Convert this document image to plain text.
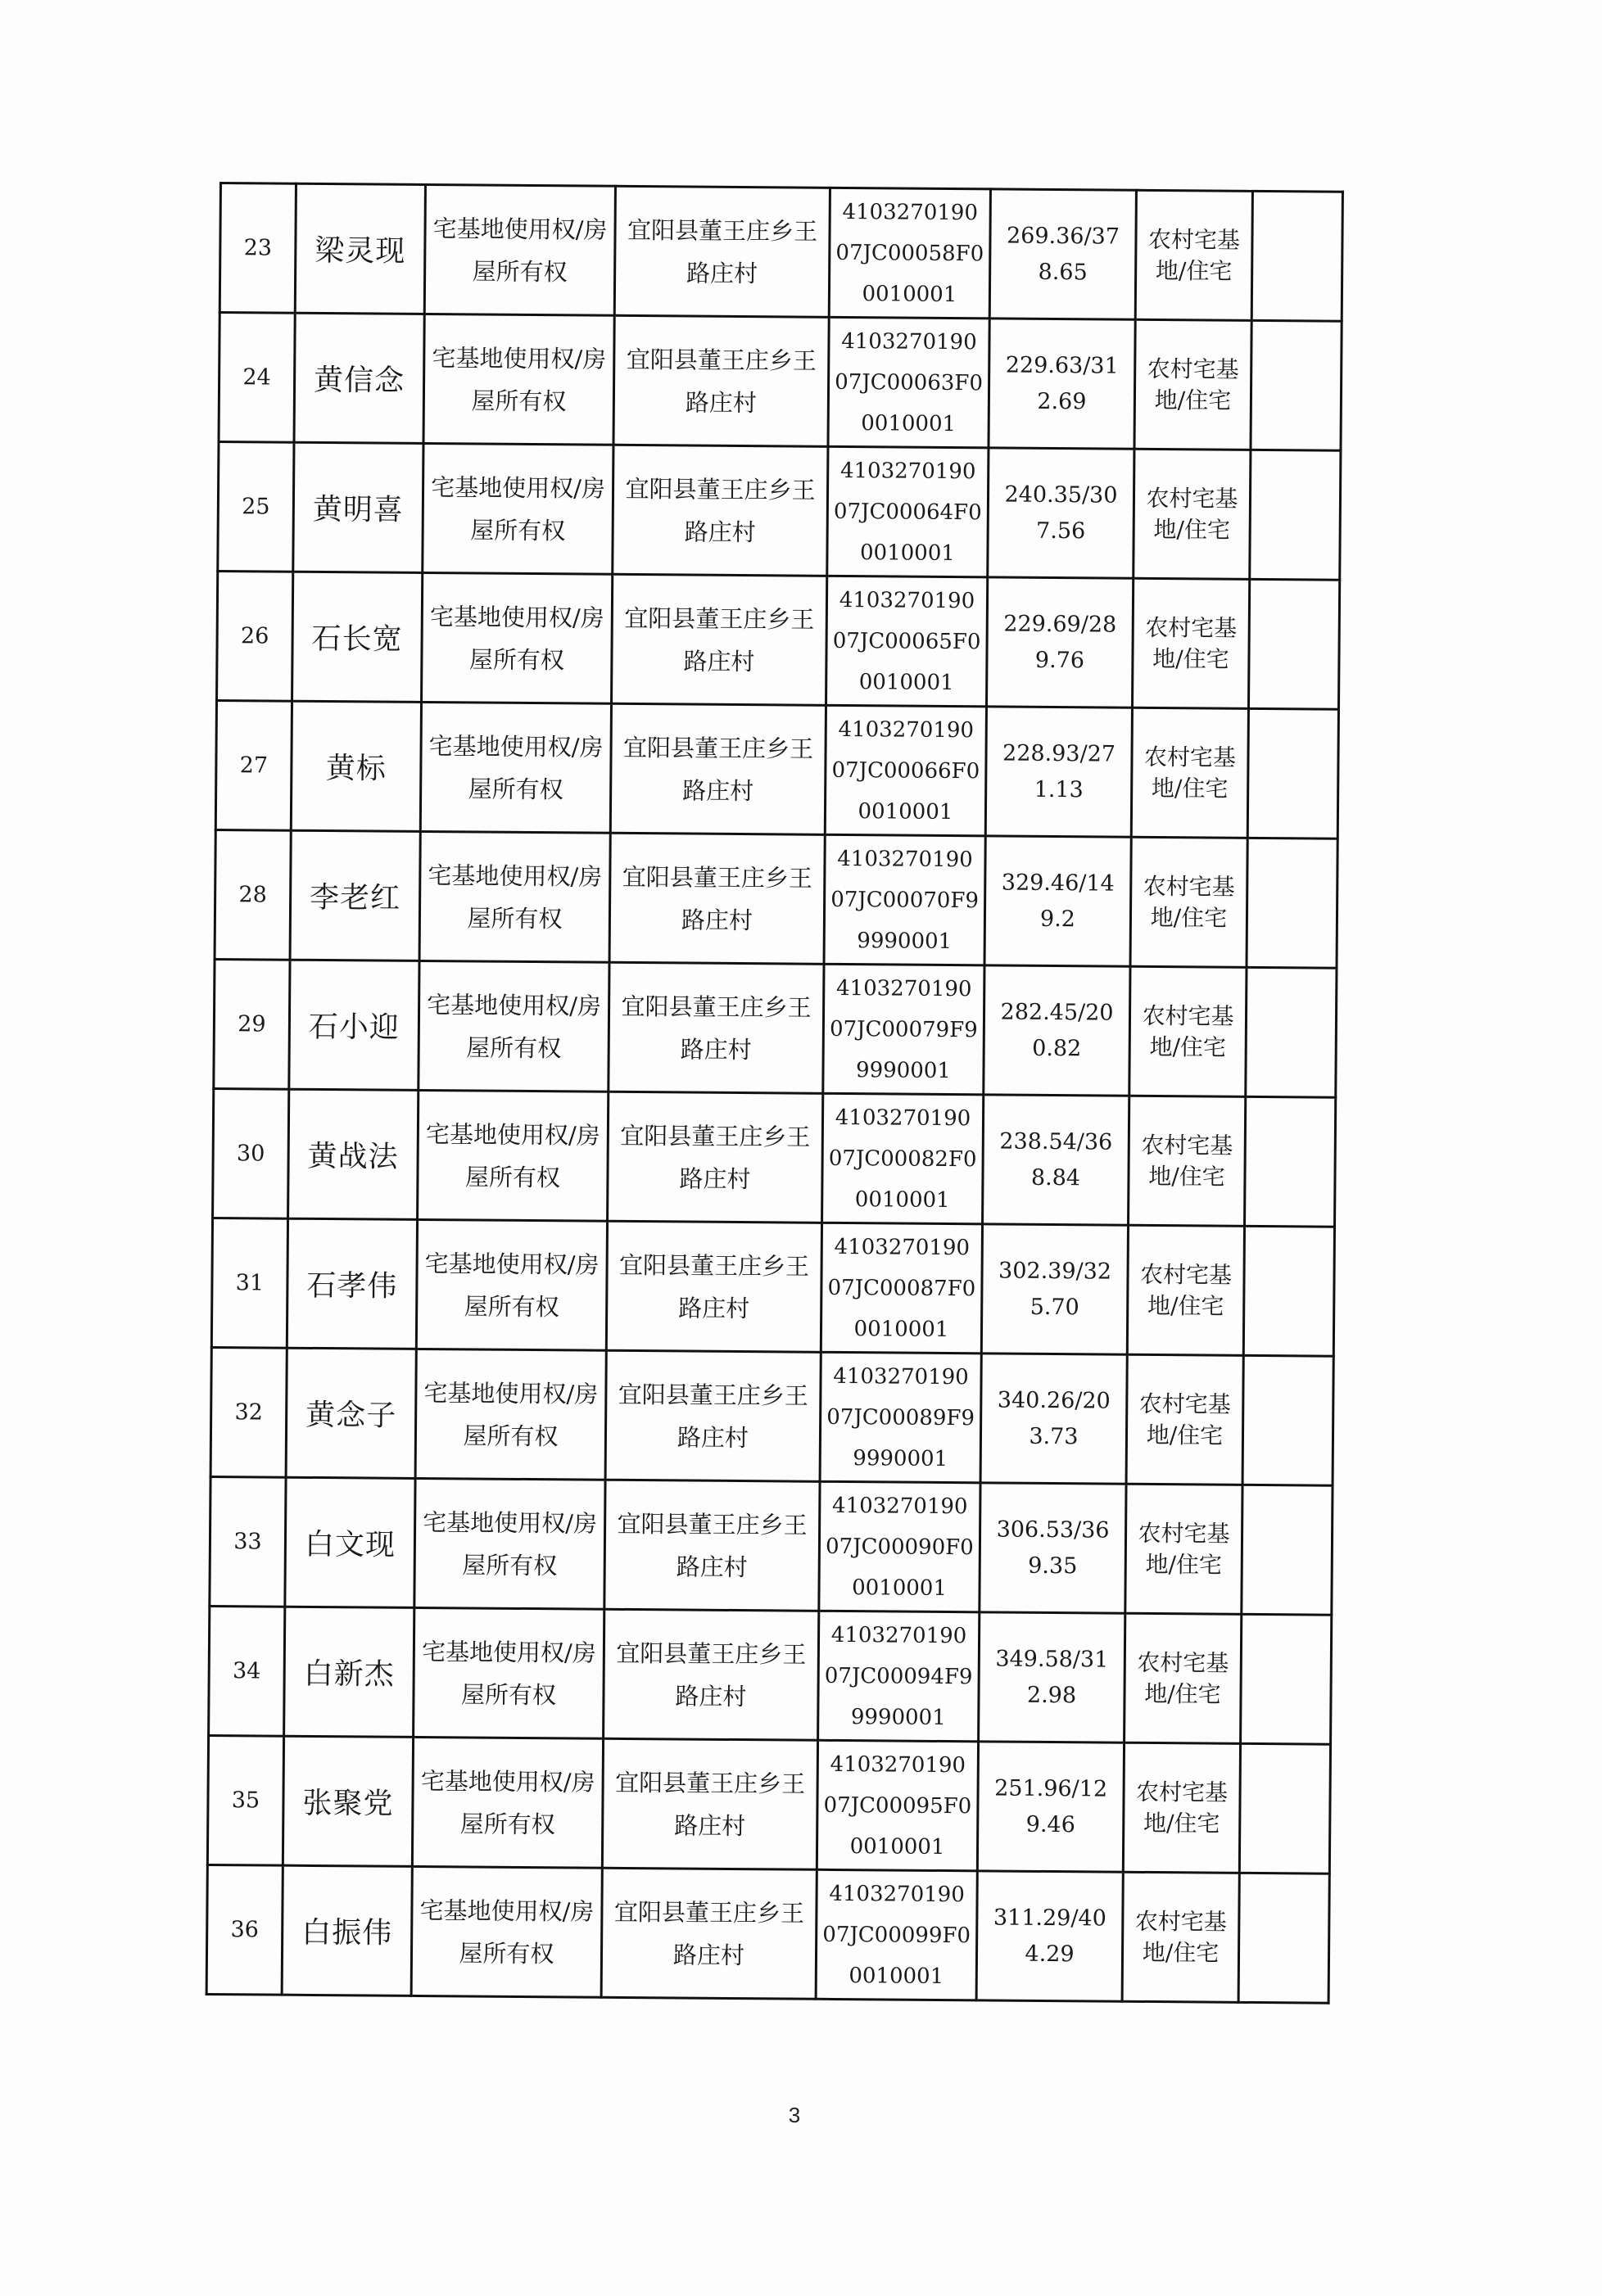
23	梁灵现	宅基地使用权/房屋所有权	宜阳县董王庄乡王路庄村	410327019007JC00058F00010001	269.36/378.65	农村宅基地/住宅	
24	黄信念	宅基地使用权/房屋所有权	宜阳县董王庄乡王路庄村	410327019007JC00063F00010001	229.63/312.69	农村宅基地/住宅	
25	黄明喜	宅基地使用权/房屋所有权	宜阳县董王庄乡王路庄村	410327019007JC00064F00010001	240.35/307.56	农村宅基地/住宅	
26	石长宽	宅基地使用权/房屋所有权	宜阳县董王庄乡王路庄村	410327019007JC00065F00010001	229.69/289.76	农村宅基地/住宅	
27	黄标	宅基地使用权/房屋所有权	宜阳县董王庄乡王路庄村	410327019007JC00066F00010001	228.93/271.13	农村宅基地/住宅	
28	李老红	宅基地使用权/房屋所有权	宜阳县董王庄乡王路庄村	410327019007JC00070F99990001	329.46/149.2	农村宅基地/住宅	
29	石小迎	宅基地使用权/房屋所有权	宜阳县董王庄乡王路庄村	410327019007JC00079F99990001	282.45/200.82	农村宅基地/住宅	
30	黄战法	宅基地使用权/房屋所有权	宜阳县董王庄乡王路庄村	410327019007JC00082F00010001	238.54/368.84	农村宅基地/住宅	
31	石孝伟	宅基地使用权/房屋所有权	宜阳县董王庄乡王路庄村	410327019007JC00087F00010001	302.39/325.70	农村宅基地/住宅	
32	黄念子	宅基地使用权/房屋所有权	宜阳县董王庄乡王路庄村	410327019007JC00089F99990001	340.26/203.73	农村宅基地/住宅	
33	白文现	宅基地使用权/房屋所有权	宜阳县董王庄乡王路庄村	410327019007JC00090F00010001	306.53/369.35	农村宅基地/住宅	
34	白新杰	宅基地使用权/房屋所有权	宜阳县董王庄乡王路庄村	410327019007JC00094F99990001	349.58/312.98	农村宅基地/住宅	
35	张聚党	宅基地使用权/房屋所有权	宜阳县董王庄乡王路庄村	410327019007JC00095F00010001	251.96/129.46	农村宅基地/住宅	
36	白振伟	宅基地使用权/房屋所有权	宜阳县董王庄乡王路庄村	410327019007JC00099F00010001	311.29/404.29	农村宅基地/住宅	
3
